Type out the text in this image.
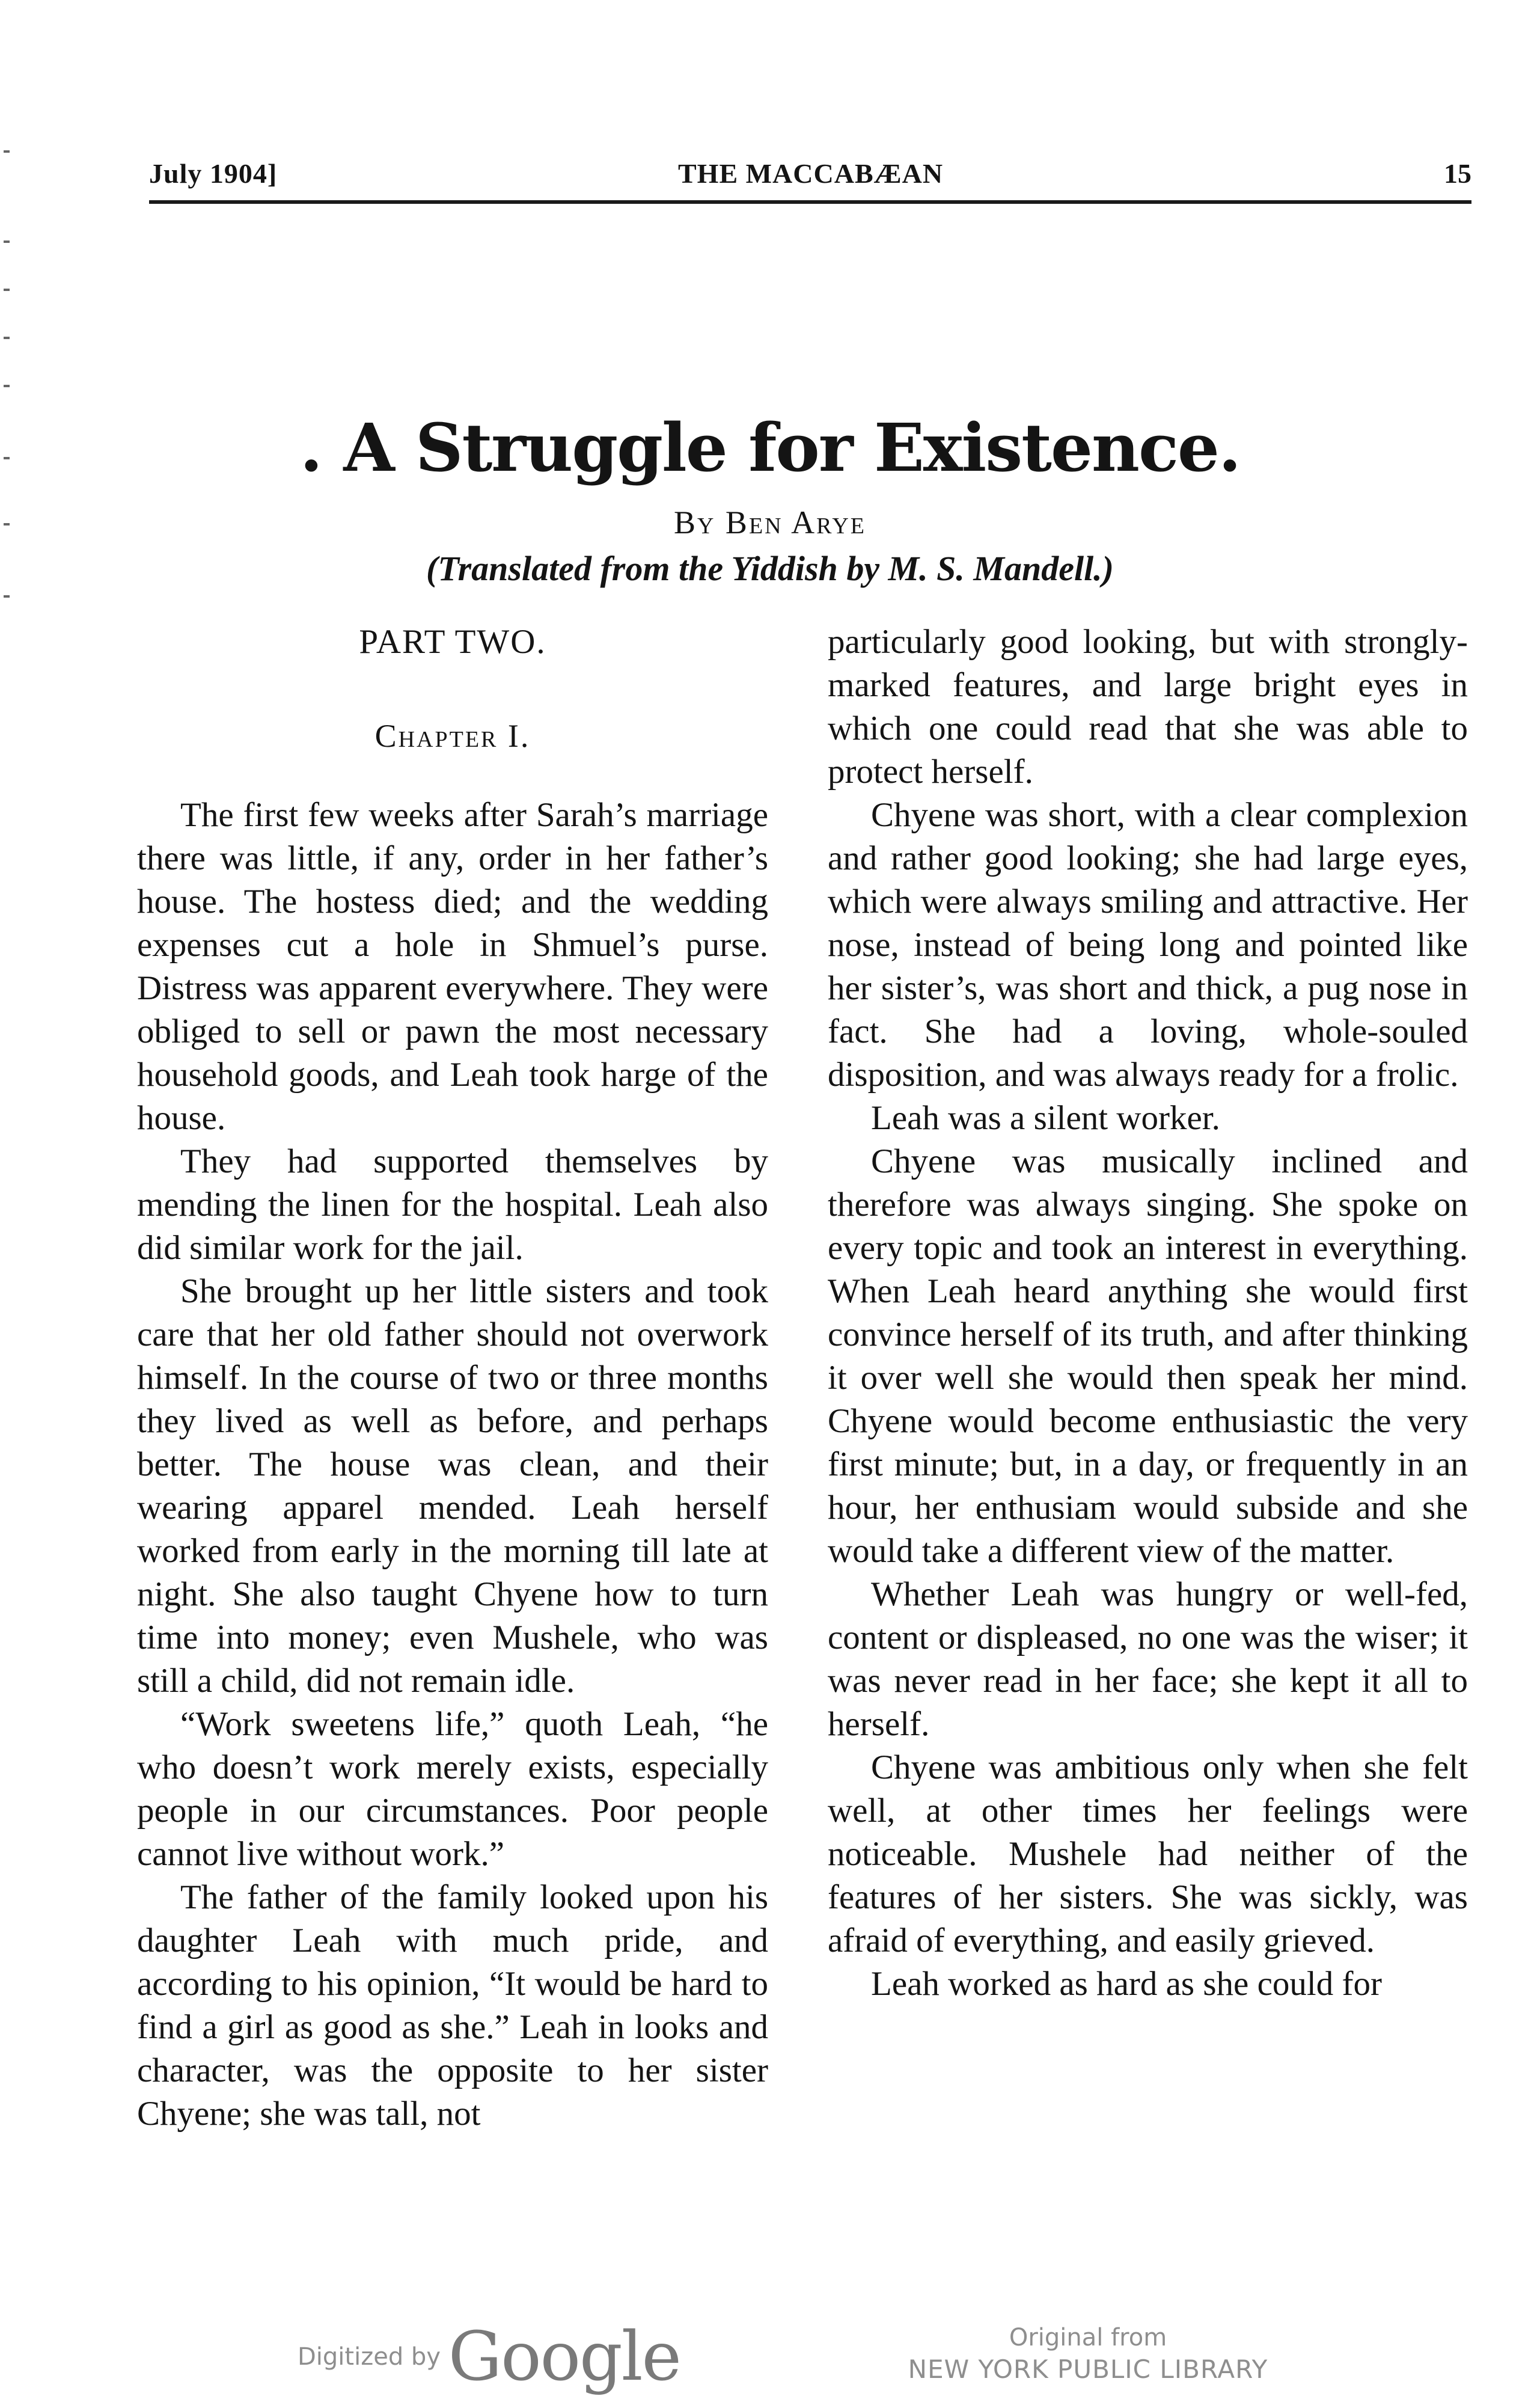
July 1904]	THE MACCABÆAN	15
. A Struggle for Existence.
By Ben Arye
(Translated from the Yiddish by M. S. Mandell.)
PART TWO.
Chapter I.

The first few weeks after Sarah’s marriage there was little, if any, order in her father’s house. The hostess died; and the wedding expenses cut a hole in Shmuel’s purse. Distress was apparent everywhere. They were obliged to sell or pawn the most necessary household goods, and Leah took harge of the house.

They had supported themselves by mending the linen for the hospital. Leah also did similar work for the jail.

She brought up her little sisters and took care that her old father should not overwork himself. In the course of two or three months they lived as well as before, and perhaps better. The house was clean, and their wearing apparel mended. Leah herself worked from early in the morning till late at night. She also taught Chyene how to turn time into money; even Mushele, who was still a child, did not remain idle.

“Work sweetens life,” quoth Leah, “he who doesn’t work merely exists, especially people in our circumstances. Poor people cannot live without work.”

The father of the family looked upon his daughter Leah with much pride, and according to his opinion, “It would be hard to find a girl as good as she.” Leah in looks and character, was the opposite to her sister Chyene; she was tall, not

particularly good looking, but with strongly-marked features, and large bright eyes in which one could read that she was able to protect herself.

Chyene was short, with a clear complexion and rather good looking; she had large eyes, which were always smiling and attractive. Her nose, instead of being long and pointed like her sister’s, was short and thick, a pug nose in fact. She had a loving, whole-souled disposition, and was always ready for a frolic.

Leah was a silent worker.

Chyene was musically inclined and therefore was always singing. She spoke on every topic and took an interest in everything. When Leah heard anything she would first convince herself of its truth, and after thinking it over well she would then speak her mind. Chyene would become enthusiastic the very first minute; but, in a day, or frequently in an hour, her enthusiam would subside and she would take a different view of the matter.

Whether Leah was hungry or well-fed, content or displeased, no one was the wiser; it was never read in her face; she kept it all to herself.

Chyene was ambitious only when she felt well, at other times her feelings were noticeable. Mushele had neither of the features of her sisters. She was sickly, was afraid of everything, and easily grieved.

Leah worked as hard as she could for

Digitized by Google	Original from
NEW YORK PUBLIC LIBRARY
